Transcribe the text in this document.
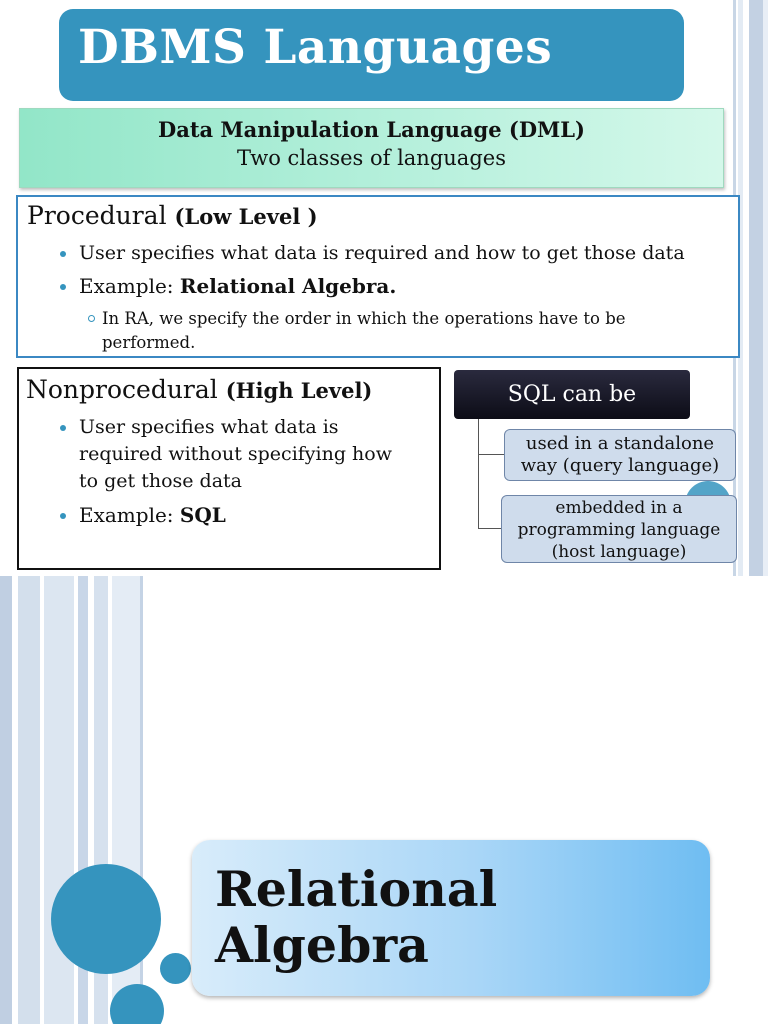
DBMS Languages
Data Manipulation Language (DML)
Two classes of languages
Procedural (Low Level )
User specifies what data is required and how to get those data
Example: Relational Algebra.
In RA, we specify the order in which the operations have to be
performed.
Nonprocedural (High Level)
User specifies what data is
required without specifying how
to get those data
Example: SQL
SQL can be
used in a standalone
way (query language)
embedded in a
programming language
(host language)
Relational
Algebra
